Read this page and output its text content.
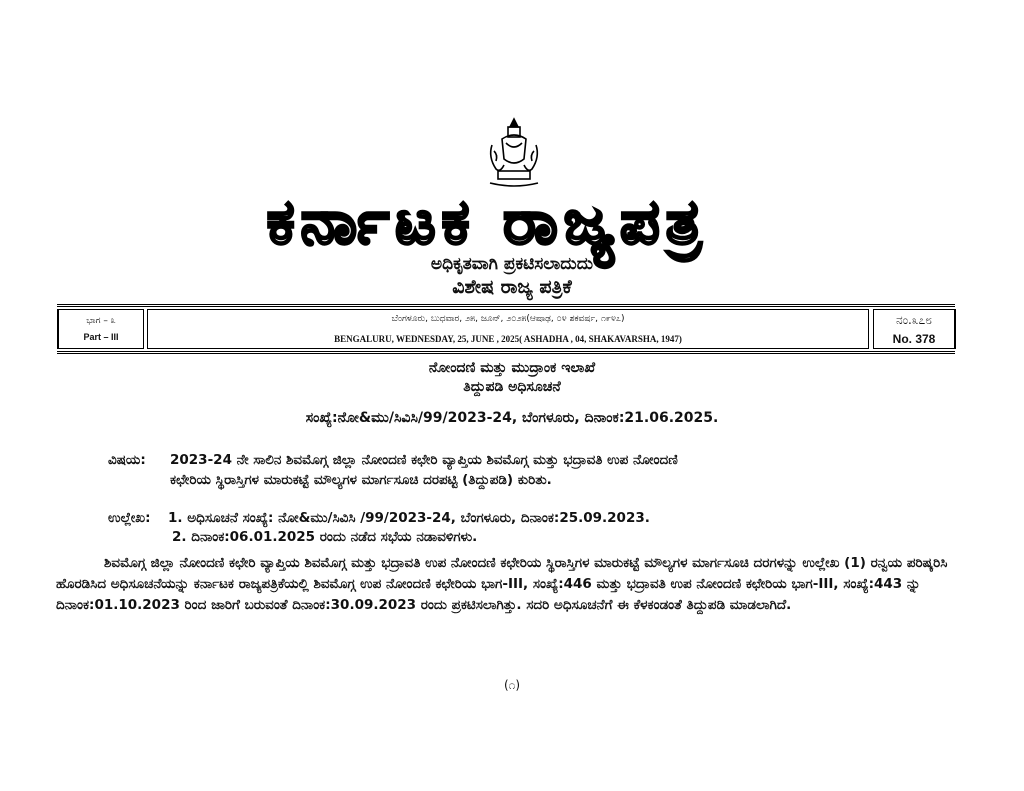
ಕರ್ನಾಟಕ ರಾಜ್ಯಪತ್ರ
ಅಧಿಕೃತವಾಗಿ ಪ್ರಕಟಿಸಲಾದುದು
ವಿಶೇಷ ರಾಜ್ಯ ಪತ್ರಿಕೆ
ಭಾಗ – ೩
Part – III
ಬೆಂಗಳೂರು, ಬುಧವಾರ, ೨೫, ಜೂನ್, ೨೦೨೫(ಆಷಾಢ, ೦೪ ಶಕವರ್ಷ, ೧೯೪೭)
BENGALURU, WEDNESDAY, 25, JUNE , 2025( ASHADHA , 04, SHAKAVARSHA, 1947)
ನಂ.೩೭೮
No. 378
ನೋಂದಣಿ ಮತ್ತು ಮುದ್ರಾಂಕ ಇಲಾಖೆ
ತಿದ್ದುಪಡಿ ಅಧಿಸೂಚನೆ
ಸಂಖ್ಯೆ:ನೋ&ಮು/ಸಿವಿಸಿ/99/2023-24, ಬೆಂಗಳೂರು, ದಿನಾಂಕ:21.06.2025.
ವಿಷಯ: 2023-24 ನೇ ಸಾಲಿನ ಶಿವಮೊಗ್ಗ ಜಿಲ್ಲಾ ನೋಂದಣಿ ಕಛೇರಿ ವ್ಯಾಪ್ತಿಯ ಶಿವಮೊಗ್ಗ ಮತ್ತು ಭದ್ರಾವತಿ ಉಪ ನೋಂದಣಿ
ಕಛೇರಿಯ ಸ್ಥಿರಾಸ್ತಿಗಳ ಮಾರುಕಟ್ಟೆ ಮೌಲ್ಯಗಳ ಮಾರ್ಗಸೂಚಿ ದರಪಟ್ಟಿ (ತಿದ್ದುಪಡಿ) ಕುರಿತು.
ಉಲ್ಲೇಖ: 1. ಅಧಿಸೂಚನೆ ಸಂಖ್ಯೆ: ನೋ&ಮು/ಸಿವಿಸಿ /99/2023-24, ಬೆಂಗಳೂರು, ದಿನಾಂಕ:25.09.2023.
2. ದಿನಾಂಕ:06.01.2025 ರಂದು ನಡೆದ ಸಭೆಯ ನಡಾವಳಿಗಳು.

ಶಿವಮೊಗ್ಗ ಜಿಲ್ಲಾ ನೋಂದಣಿ ಕಛೇರಿ ವ್ಯಾಪ್ತಿಯ ಶಿವಮೊಗ್ಗ ಮತ್ತು ಭದ್ರಾವತಿ ಉಪ ನೋಂದಣಿ ಕಛೇರಿಯ ಸ್ಥಿರಾಸ್ತಿಗಳ ಮಾರುಕಟ್ಟೆ ಮೌಲ್ಯಗಳ ಮಾರ್ಗಸೂಚಿ ದರಗಳನ್ನು ಉಲ್ಲೇಖ (1) ರನ್ವಯ ಪರಿಷ್ಕರಿಸಿ ಹೊರಡಿಸಿದ ಅಧಿಸೂಚನೆಯನ್ನು ಕರ್ನಾಟಕ ರಾಜ್ಯಪತ್ರಿಕೆಯಲ್ಲಿ ಶಿವಮೊಗ್ಗ ಉಪ ನೋಂದಣಿ ಕಛೇರಿಯ ಭಾಗ-III, ಸಂಖ್ಯೆ:446 ಮತ್ತು ಭದ್ರಾವತಿ ಉಪ ನೋಂದಣಿ ಕಛೇರಿಯ ಭಾಗ-III, ಸಂಖ್ಯೆ:443 ನ್ನು ದಿನಾಂಕ:01.10.2023 ರಿಂದ ಜಾರಿಗೆ ಬರುವಂತೆ ದಿನಾಂಕ:30.09.2023 ರಂದು ಪ್ರಕಟಿಸಲಾಗಿತ್ತು. ಸದರಿ ಅಧಿಸೂಚನೆಗೆ ಈ ಕೆಳಕಂಡಂತೆ ತಿದ್ದುಪಡಿ ಮಾಡಲಾಗಿದೆ.

(೧)
